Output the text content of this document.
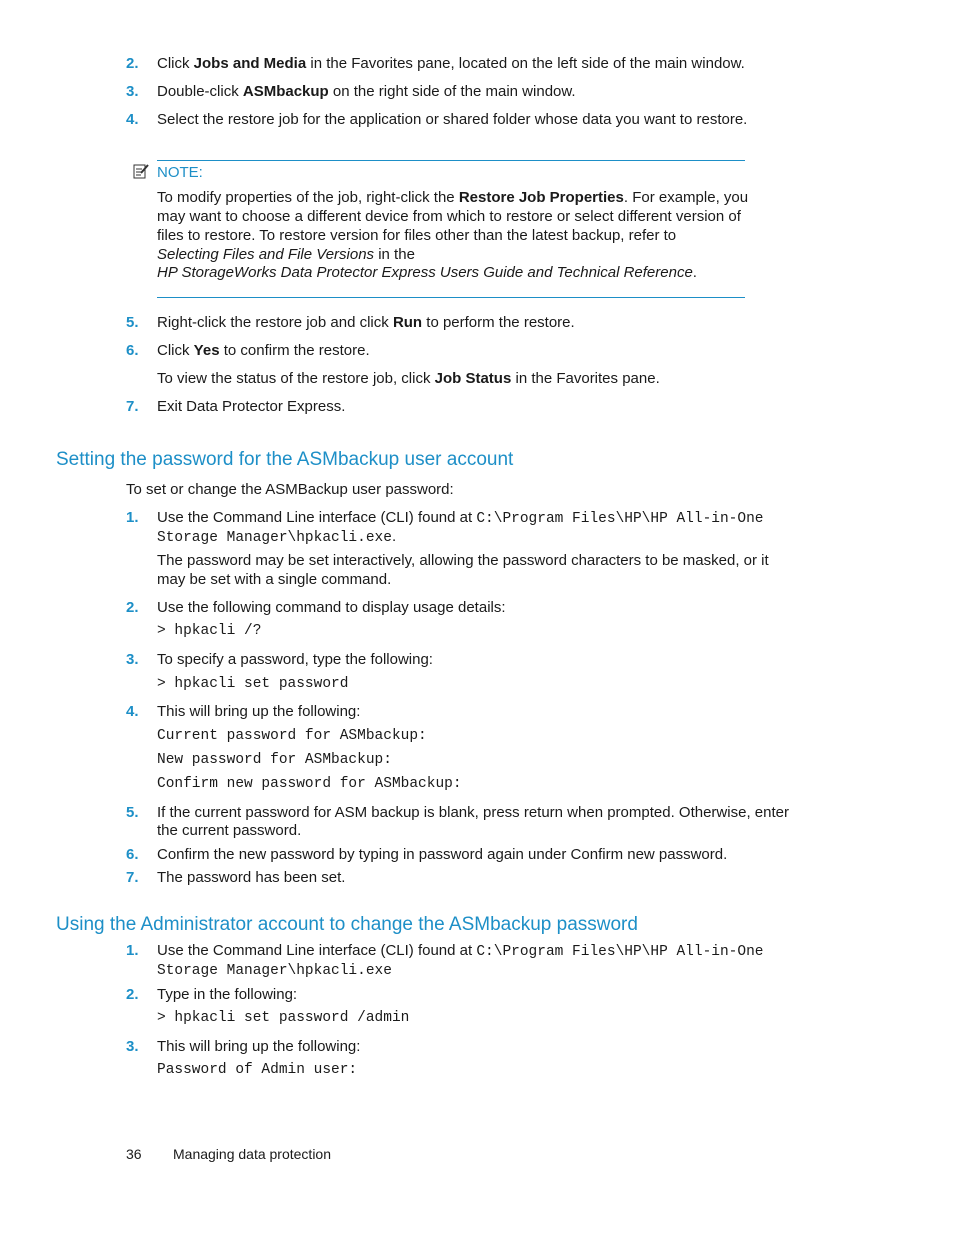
2. Click Jobs and Media in the Favorites pane, located on the left side of the main window.
3. Double-click ASMbackup on the right side of the main window.
4. Select the restore job for the application or shared folder whose data you want to restore.
NOTE:
To modify properties of the job, right-click the Restore Job Properties. For example, you
may want to choose a different device from which to restore or select different version of
files to restore. To restore version for files other than the latest backup, refer to
Selecting Files and File Versions in the
HP StorageWorks Data Protector Express Users Guide and Technical Reference.
5. Right-click the restore job and click Run to perform the restore.
6. Click Yes to confirm the restore.
To view the status of the restore job, click Job Status in the Favorites pane.
7. Exit Data Protector Express.
Setting the password for the ASMbackup user account
To set or change the ASMBackup user password:
1. Use the Command Line interface (CLI) found at C:\Program Files\HP\HP All-in-One
Storage Manager\hpkacli.exe.
The password may be set interactively, allowing the password characters to be masked, or it
may be set with a single command.
2. Use the following command to display usage details:
> hpkacli /?
3. To specify a password, type the following:
> hpkacli set password
4. This will bring up the following:
Current password for ASMbackup:
New password for ASMbackup:
Confirm new password for ASMbackup:
5. If the current password for ASM backup is blank, press return when prompted. Otherwise, enter
the current password.
6. Confirm the new password by typing in password again under Confirm new password.
7. The password has been set.
Using the Administrator account to change the ASMbackup password
1. Use the Command Line interface (CLI) found at C:\Program Files\HP\HP All-in-One
Storage Manager\hpkacli.exe
2. Type in the following:
> hpkacli set password /admin
3. This will bring up the following:
Password of Admin user:
36 Managing data protection
